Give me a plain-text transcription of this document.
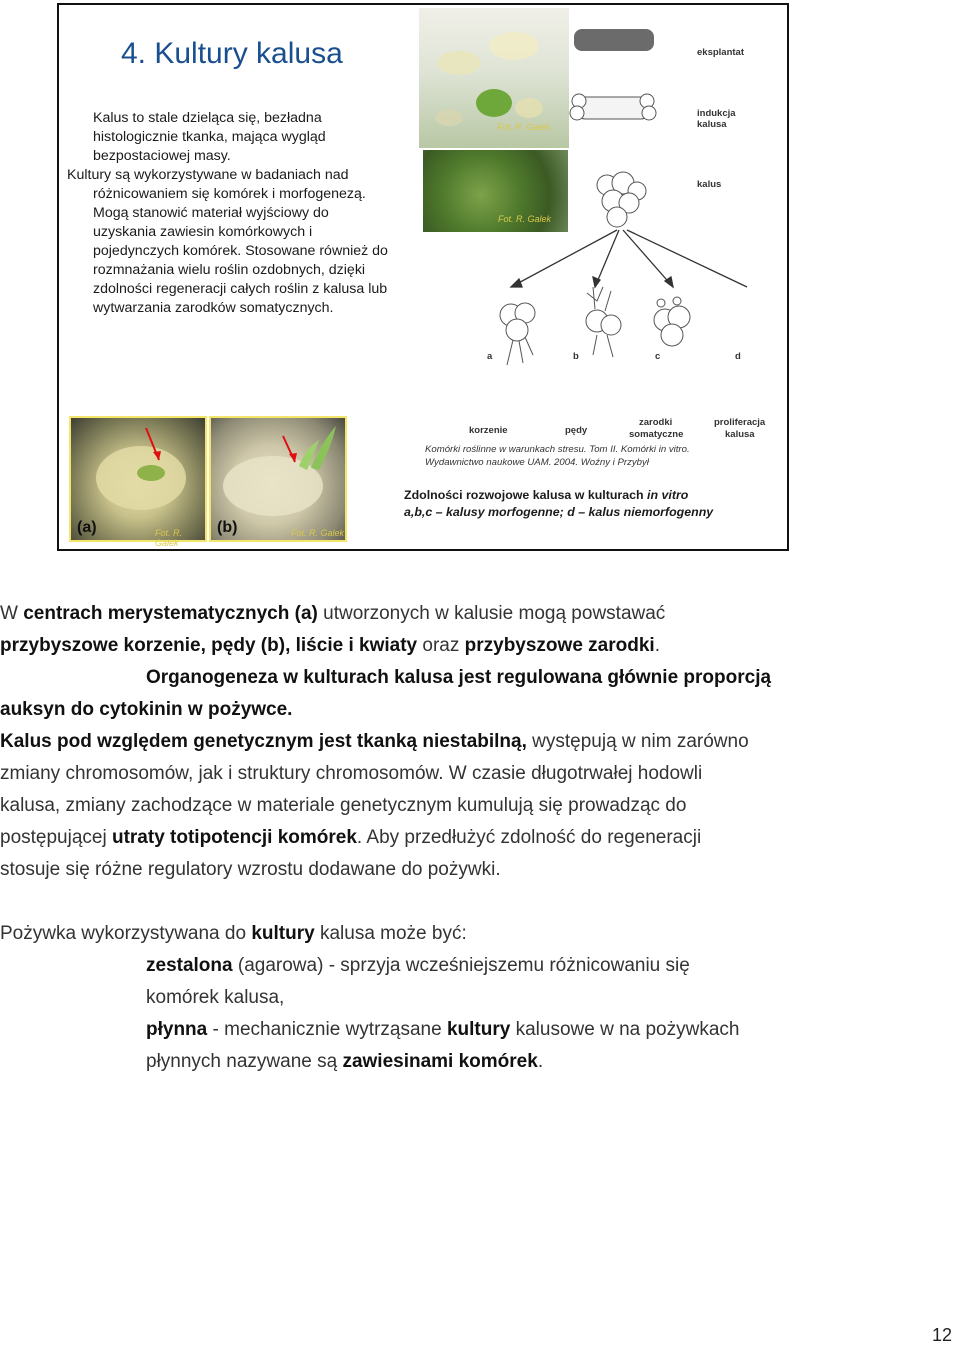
4. Kultury kalusa

Kalus to stale dzieląca się, bezładna

histologicznie tkanka, mająca wygląd

bezpostaciowej masy.

Kultury są wykorzystywane w badaniach nad

różnicowaniem się komórek i morfogenezą.

Mogą stanowić materiał wyjściowy do

uzyskania zawiesin komórkowych i

pojedynczych komórek. Stosowane również do

rozmnażania wielu roślin ozdobnych, dzięki

zdolności regeneracji całych roślin z kalusa lub

wytwarzania zarodków somatycznych.

Fot. R. Galek
Fot. R. Galek
(a)	Fot. R. Galek
(b)	Fot. R. Galek
eksplantat
indukcja
kalusa
kalus
a	b	c	d
korzenie	pędy
zarodki
somatyczne
proliferacja
kalusa
Komórki roślinne w warunkach stresu. Tom II. Komórki in vitro.
Wydawnictwo naukowe UAM. 2004. Woźny i Przybył
Zdolności rozwojowe kalusa w kulturach in vitro
a,b,c – kalusy morfogenne; d – kalus niemorfogenny

W centrach merystematycznych (a) utworzonych w kalusie mogą powstawać

przybyszowe korzenie, pędy (b), liście i kwiaty oraz przybyszowe zarodki.

Organogeneza w kulturach kalusa jest regulowana głównie proporcją

auksyn do cytokinin w pożywce.

Kalus pod względem genetycznym jest tkanką niestabilną, występują w nim zarówno

zmiany chromosomów, jak i struktury chromosomów. W czasie długotrwałej hodowli

kalusa, zmiany zachodzące w materiale genetycznym kumulują się prowadząc do

postępującej utraty totipotencji komórek. Aby przedłużyć zdolność do regeneracji

stosuje się różne regulatory wzrostu dodawane do pożywki.

Pożywka wykorzystywana do kultury kalusa może być:

zestalona (agarowa) - sprzyja wcześniejszemu różnicowaniu się

komórek kalusa,

płynna - mechanicznie wytrząsane kultury kalusowe w na pożywkach

płynnych nazywane są zawiesinami komórek.

12
